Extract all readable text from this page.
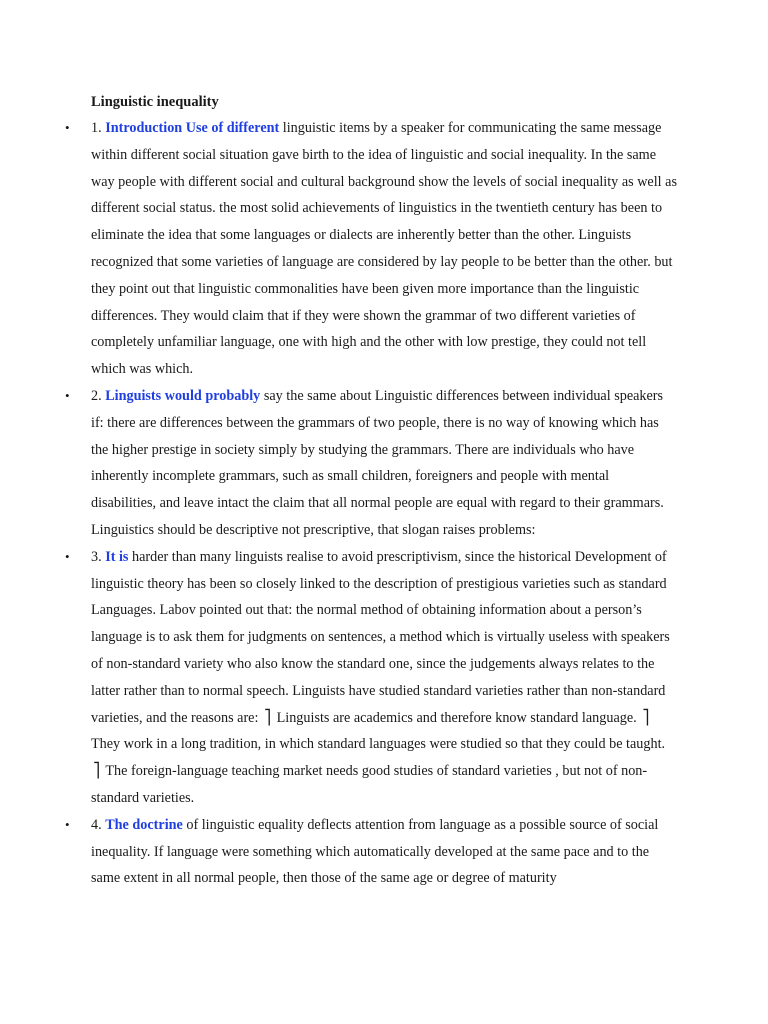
Linguistic inequality
• 1. Introduction Use of different linguistic items by a speaker for communicating the same message within different social situation gave birth to the idea of linguistic and social inequality. In the same way people with different social and cultural background show the levels of social inequality as well as different social status. the most solid achievements of linguistics in the twentieth century has been to eliminate the idea that some languages or dialects are inherently better than the other. Linguists recognized that some varieties of language are considered by lay people to be better than the other. but they point out that linguistic commonalities have been given more importance than the linguistic differences. They would claim that if they were shown the grammar of two different varieties of completely unfamiliar language, one with high and the other with low prestige, they could not tell which was which.
• 2. Linguists would probably say the same about Linguistic differences between individual speakers if: there are differences between the grammars of two people, there is no way of knowing which has the higher prestige in society simply by studying the grammars. There are individuals who have inherently incomplete grammars, such as small children, foreigners and people with mental disabilities, and leave intact the claim that all normal people are equal with regard to their grammars. Linguistics should be descriptive not prescriptive, that slogan raises problems:
• 3. It is harder than many linguists realise to avoid prescriptivism, since the historical Development of linguistic theory has been so closely linked to the description of prestigious varieties such as standard Languages. Labov pointed out that: the normal method of obtaining information about a person’s language is to ask them for judgments on sentences, a method which is virtually useless with speakers of non-standard variety who also know the standard one, since the judgements always relates to the latter rather than to normal speech. Linguists have studied standard varieties rather than non-standard varieties, and the reasons are: ⎤ Linguists are academics and therefore know standard language. ⎤ They work in a long tradition, in which standard languages were studied so that they could be taught. ⎤ The foreign-language teaching market needs good studies of standard varieties , but not of non- standard varieties.
• 4. The doctrine of linguistic equality deflects attention from language as a possible source of social inequality. If language were something which automatically developed at the same pace and to the same extent in all normal people, then those of the same age or degree of maturity
